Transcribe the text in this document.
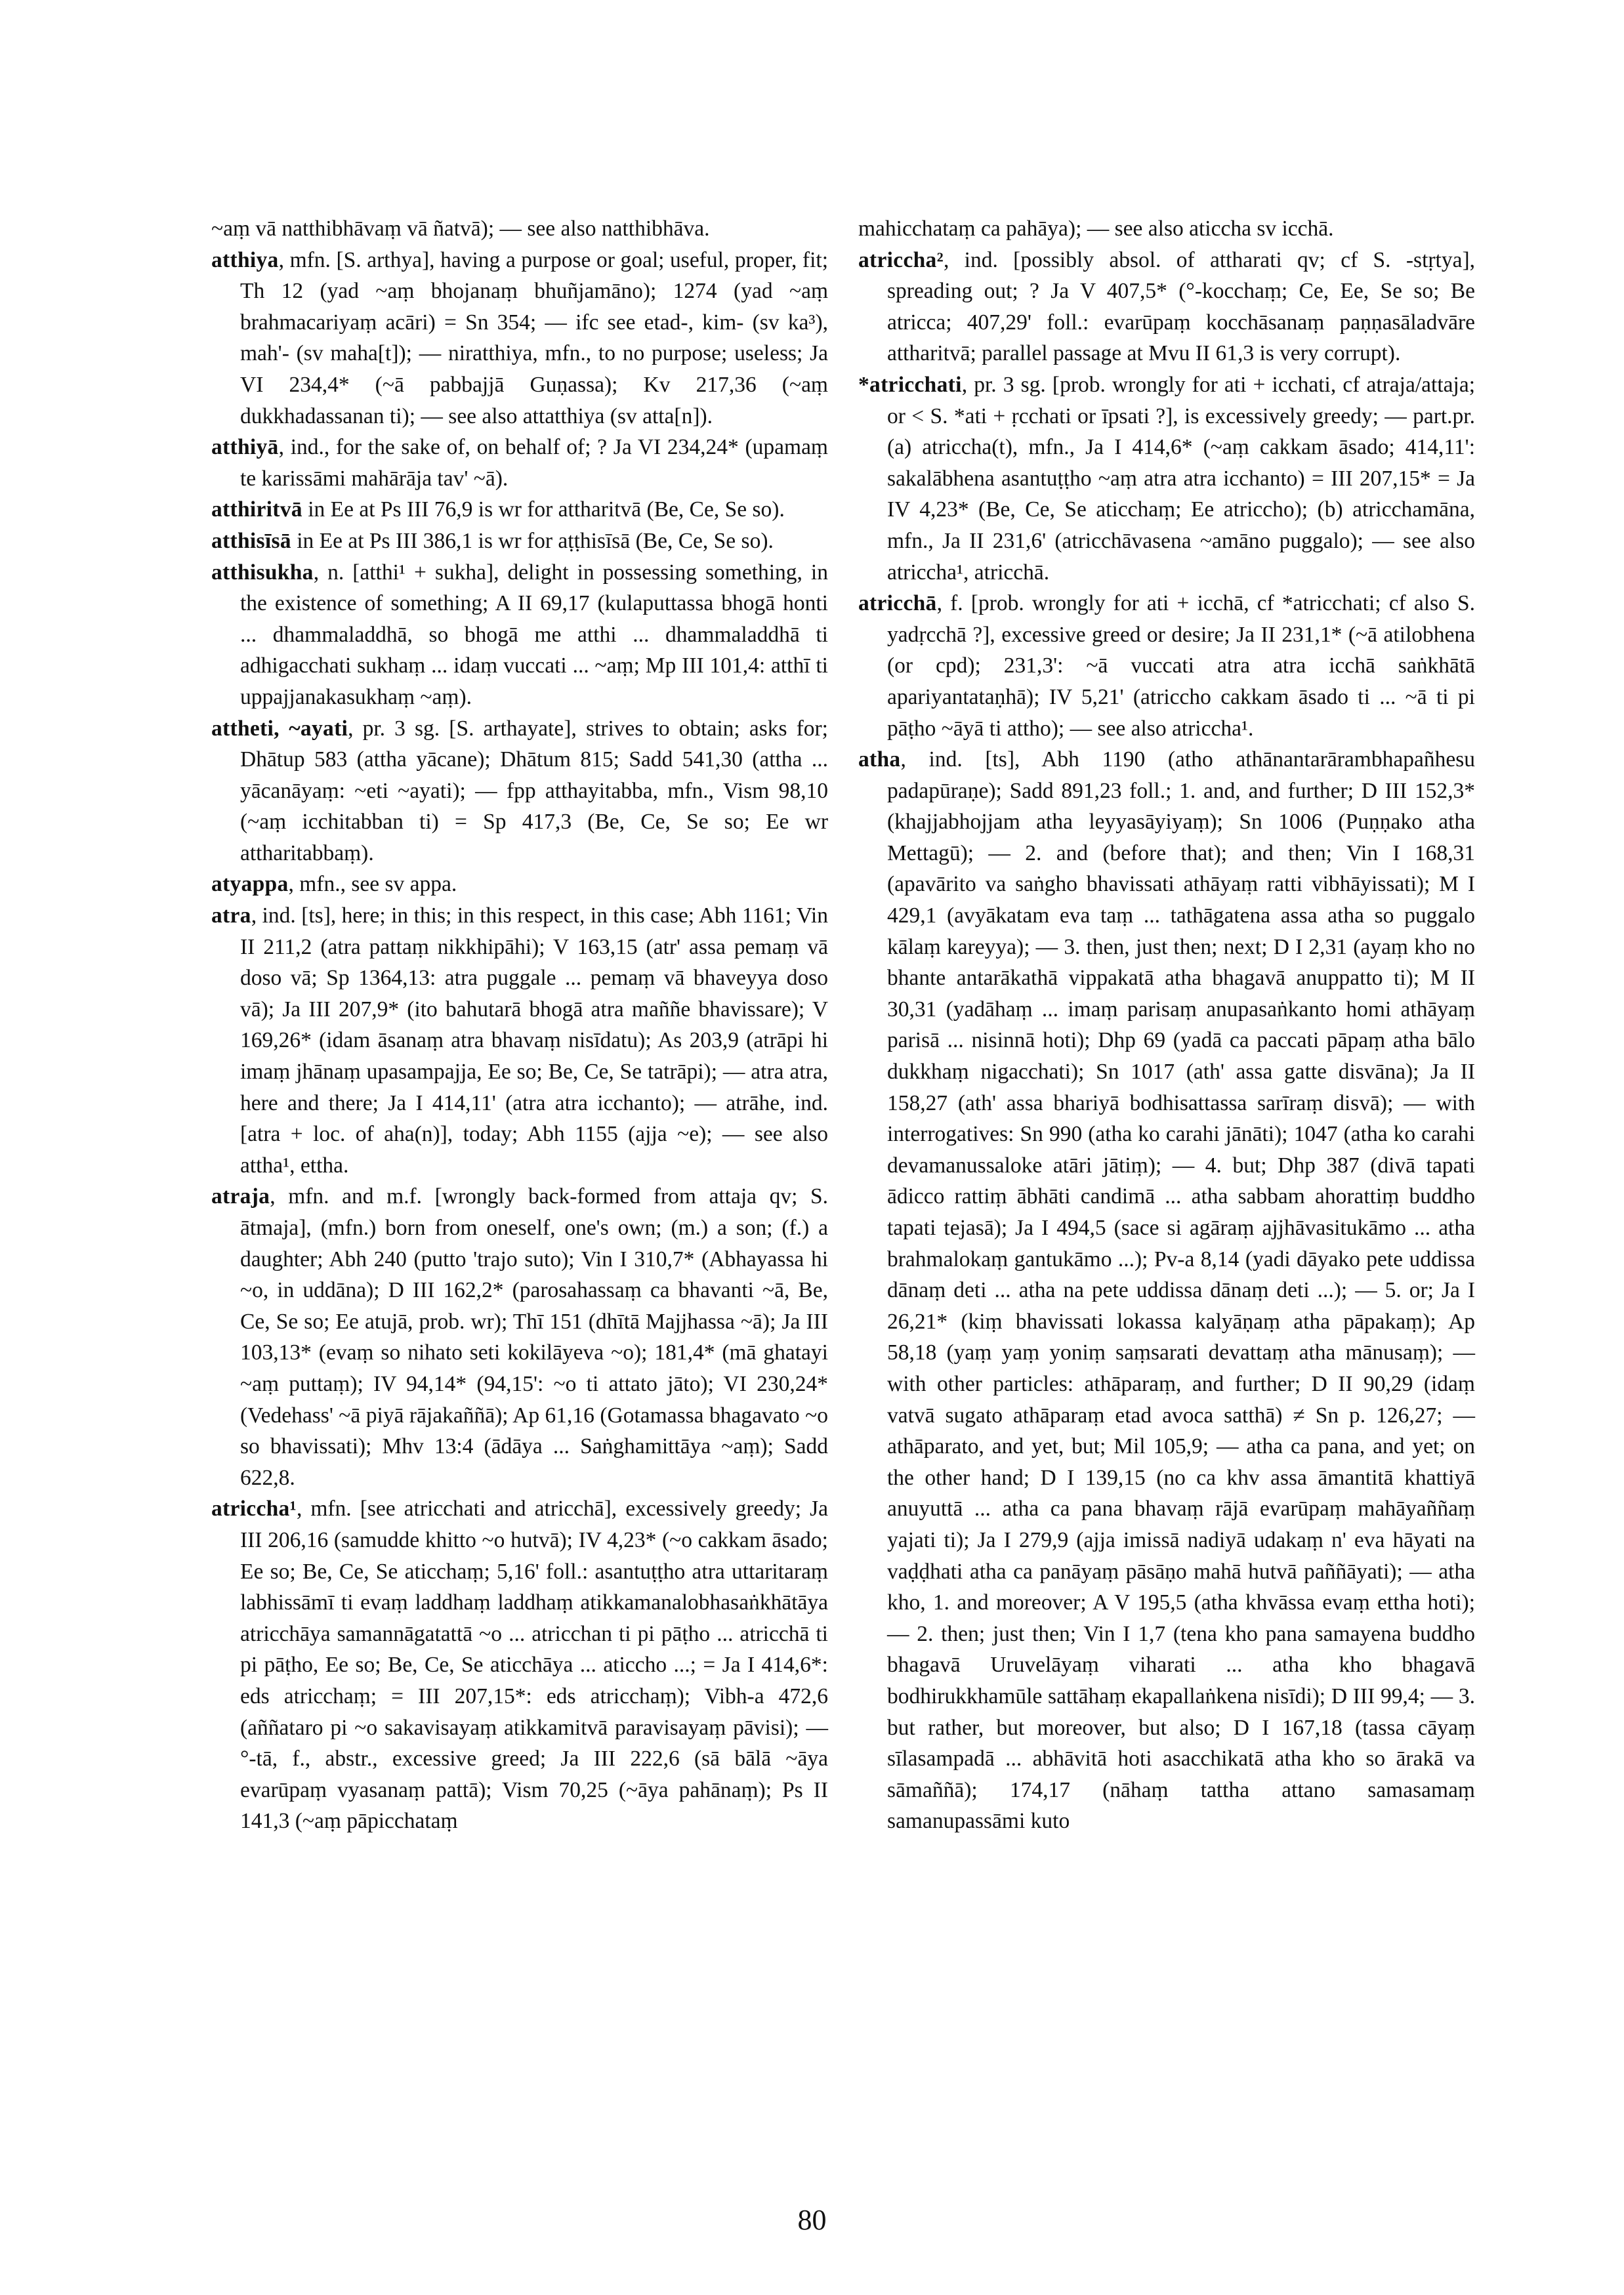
~aṃ vā natthibhāvaṃ vā ñatvā); — see also natthibhāva.

atthiya, mfn. [S. arthya], having a purpose or goal; useful, proper, fit; Th 12 (yad ~aṃ bhojanaṃ bhuñjamāno); 1274 (yad ~aṃ brahmacariyaṃ acāri) = Sn 354; — ifc see etad-, kim- (sv ka³), mah'- (sv maha[t]); — niratthiya, mfn., to no purpose; useless; Ja VI 234,4* (~ā pabbajjā Guṇassa); Kv 217,36 (~aṃ dukkhadassanan ti); — see also attatthiya (sv atta[n]).

atthiyā, ind., for the sake of, on behalf of; ? Ja VI 234,24* (upamaṃ te karissāmi mahārāja tav' ~ā).

atthiritvā in Ee at Ps III 76,9 is wr for attharitvā (Be, Ce, Se so).

atthisīsā in Ee at Ps III 386,1 is wr for aṭṭhisīsā (Be, Ce, Se so).

atthisukha, n. [atthi¹ + sukha], delight in possessing something, in the existence of something; A II 69,17 (kulaputtassa bhogā honti ... dhammaladdhā, so bhogā me atthi ... dhammaladdhā ti adhigacchati sukhaṃ ... idaṃ vuccati ... ~aṃ; Mp III 101,4: atthī ti uppajjanakasukhaṃ ~aṃ).

attheti, ~ayati, pr. 3 sg. [S. arthayate], strives to obtain; asks for; Dhātup 583 (attha yācane); Dhātum 815; Sadd 541,30 (attha ... yācanāyaṃ: ~eti ~ayati); — fpp atthayitabba, mfn., Vism 98,10 (~aṃ icchitabban ti) = Sp 417,3 (Be, Ce, Se so; Ee wr attharitabbaṃ).

atyappa, mfn., see sv appa.

atra, ind. [ts], here; in this; in this respect, in this case; Abh 1161; Vin II 211,2 (atra pattaṃ nikkhipāhi); V 163,15 (atr' assa pemaṃ vā doso vā; Sp 1364,13: atra puggale ... pemaṃ vā bhaveyya doso vā); Ja III 207,9* (ito bahutarā bhogā atra maññe bhavissare); V 169,26* (idam āsanaṃ atra bhavaṃ nisīdatu); As 203,9 (atrāpi hi imaṃ jhānaṃ upasampajja, Ee so; Be, Ce, Se tatrāpi); — atra atra, here and there; Ja I 414,11' (atra atra icchanto); — atrāhe, ind. [atra + loc. of aha(n)], today; Abh 1155 (ajja ~e); — see also attha¹, ettha.

atraja, mfn. and m.f. [wrongly back-formed from attaja qv; S. ātmaja], (mfn.) born from oneself, one's own; (m.) a son; (f.) a daughter; Abh 240 (putto 'trajo suto); Vin I 310,7* (Abhayassa hi ~o, in uddāna); D III 162,2* (parosahassaṃ ca bhavanti ~ā, Be, Ce, Se so; Ee atujā, prob. wr); Thī 151 (dhītā Majjhassa ~ā); Ja III 103,13* (evaṃ so nihato seti kokilāyeva ~o); 181,4* (mā ghatayi ~aṃ puttaṃ); IV 94,14* (94,15': ~o ti attato jāto); VI 230,24* (Vedehass' ~ā piyā rājakaññā); Ap 61,16 (Gotamassa bhagavato ~o so bhavissati); Mhv 13:4 (ādāya ... Saṅghamittāya ~aṃ); Sadd 622,8.

atriccha¹, mfn. [see atricchati and atricchā], excessively greedy; Ja III 206,16 (samudde khitto ~o hutvā); IV 4,23* (~o cakkam āsado; Ee so; Be, Ce, Se aticchaṃ; 5,16' foll.: asantuṭṭho atra uttaritaraṃ labhissāmī ti evaṃ laddhaṃ laddhaṃ atikkamanalobhasaṅkhātāya atricchāya samannāgatattā ~o ... atricchan ti pi pāṭho ... atricchā ti pi pāṭho, Ee so; Be, Ce, Se aticchāya ... aticcho ...; = Ja I 414,6*: eds atricchaṃ; = III 207,15*: eds atricchaṃ); Vibh-a 472,6 (aññataro pi ~o sakavisayaṃ atikkamitvā paravisayaṃ pāvisi); — °-tā, f., abstr., excessive greed; Ja III 222,6 (sā bālā ~āya evarūpaṃ vyasanaṃ pattā); Vism 70,25 (~āya pahānaṃ); Ps II 141,3 (~aṃ pāpicchataṃ

mahicchataṃ ca pahāya); — see also aticcha sv icchā.

atriccha², ind. [possibly absol. of attharati qv; cf S. -stṛtya], spreading out; ? Ja V 407,5* (°-kocchaṃ; Ce, Ee, Se so; Be atricca; 407,29' foll.: evarūpaṃ kocchāsanaṃ paṇṇasāladvāre attharitvā; parallel passage at Mvu II 61,3 is very corrupt).

*atricchati, pr. 3 sg. [prob. wrongly for ati + icchati, cf atraja/attaja; or < S. *ati + ṛcchati or īpsati ?], is excessively greedy; — part.pr. (a) atriccha(t), mfn., Ja I 414,6* (~aṃ cakkam āsado; 414,11': sakalābhena asantuṭṭho ~aṃ atra atra icchanto) = III 207,15* = Ja IV 4,23* (Be, Ce, Se aticchaṃ; Ee atriccho); (b) atricchamāna, mfn., Ja II 231,6' (atricchāvasena ~amāno puggalo); — see also atriccha¹, atricchā.

atricchā, f. [prob. wrongly for ati + icchā, cf *atricchati; cf also S. yadṛcchā ?], excessive greed or desire; Ja II 231,1* (~ā atilobhena (or cpd); 231,3': ~ā vuccati atra atra icchā saṅkhātā apariyantataṇhā); IV 5,21' (atriccho cakkam āsado ti ... ~ā ti pi pāṭho ~āyā ti attho); — see also atriccha¹.

atha, ind. [ts], Abh 1190 (atho athānantarārambhapañhesu padapūraṇe); Sadd 891,23 foll.; 1. and, and further; D III 152,3* (khajjabhojjam atha leyyasāyiyaṃ); Sn 1006 (Puṇṇako atha Mettagū); — 2. and (before that); and then; Vin I 168,31 (apavārito va saṅgho bhavissati athāyaṃ ratti vibhāyissati); M I 429,1 (avyākatam eva taṃ ... tathāgatena assa atha so puggalo kālaṃ kareyya); — 3. then, just then; next; D I 2,31 (ayaṃ kho no bhante antarākathā vippakatā atha bhagavā anuppatto ti); M II 30,31 (yadāhaṃ ... imaṃ parisaṃ anupasaṅkanto homi athāyaṃ parisā ... nisinnā hoti); Dhp 69 (yadā ca paccati pāpaṃ atha bālo dukkhaṃ nigacchati); Sn 1017 (ath' assa gatte disvāna); Ja II 158,27 (ath' assa bhariyā bodhisattassa sarīraṃ disvā); — with interrogatives: Sn 990 (atha ko carahi jānāti); 1047 (atha ko carahi devamanussaloke atāri jātiṃ); — 4. but; Dhp 387 (divā tapati ādicco rattiṃ ābhāti candimā ... atha sabbam ahorattiṃ buddho tapati tejasā); Ja I 494,5 (sace si agāraṃ ajjhāvasitukāmo ... atha brahmalokaṃ gantukāmo ...); Pv-a 8,14 (yadi dāyako pete uddissa dānaṃ deti ... atha na pete uddissa dānaṃ deti ...); — 5. or; Ja I 26,21* (kiṃ bhavissati lokassa kalyāṇaṃ atha pāpakaṃ); Ap 58,18 (yaṃ yaṃ yoniṃ saṃsarati devattaṃ atha mānusaṃ); — with other particles: athāparaṃ, and further; D II 90,29 (idaṃ vatvā sugato athāparaṃ etad avoca satthā) ≠ Sn p. 126,27; — athāparato, and yet, but; Mil 105,9; — atha ca pana, and yet; on the other hand; D I 139,15 (no ca khv assa āmantitā khattiyā anuyuttā ... atha ca pana bhavaṃ rājā evarūpaṃ mahāyaññaṃ yajati ti); Ja I 279,9 (ajja imissā nadiyā udakaṃ n' eva hāyati na vaḍḍhati atha ca panāyaṃ pāsāṇo mahā hutvā paññāyati); — atha kho, 1. and moreover; A V 195,5 (atha khvāssa evaṃ ettha hoti); — 2. then; just then; Vin I 1,7 (tena kho pana samayena buddho bhagavā Uruvelāyaṃ viharati ... atha kho bhagavā bodhirukkhamūle sattāhaṃ ekapallaṅkena nisīdi); D III 99,4; — 3. but rather, but moreover, but also; D I 167,18 (tassa cāyaṃ sīlasampadā ... abhāvitā hoti asacchikatā atha kho so ārakā va sāmaññā); 174,17 (nāhaṃ tattha attano samasamaṃ samanupassāmi kuto

80
